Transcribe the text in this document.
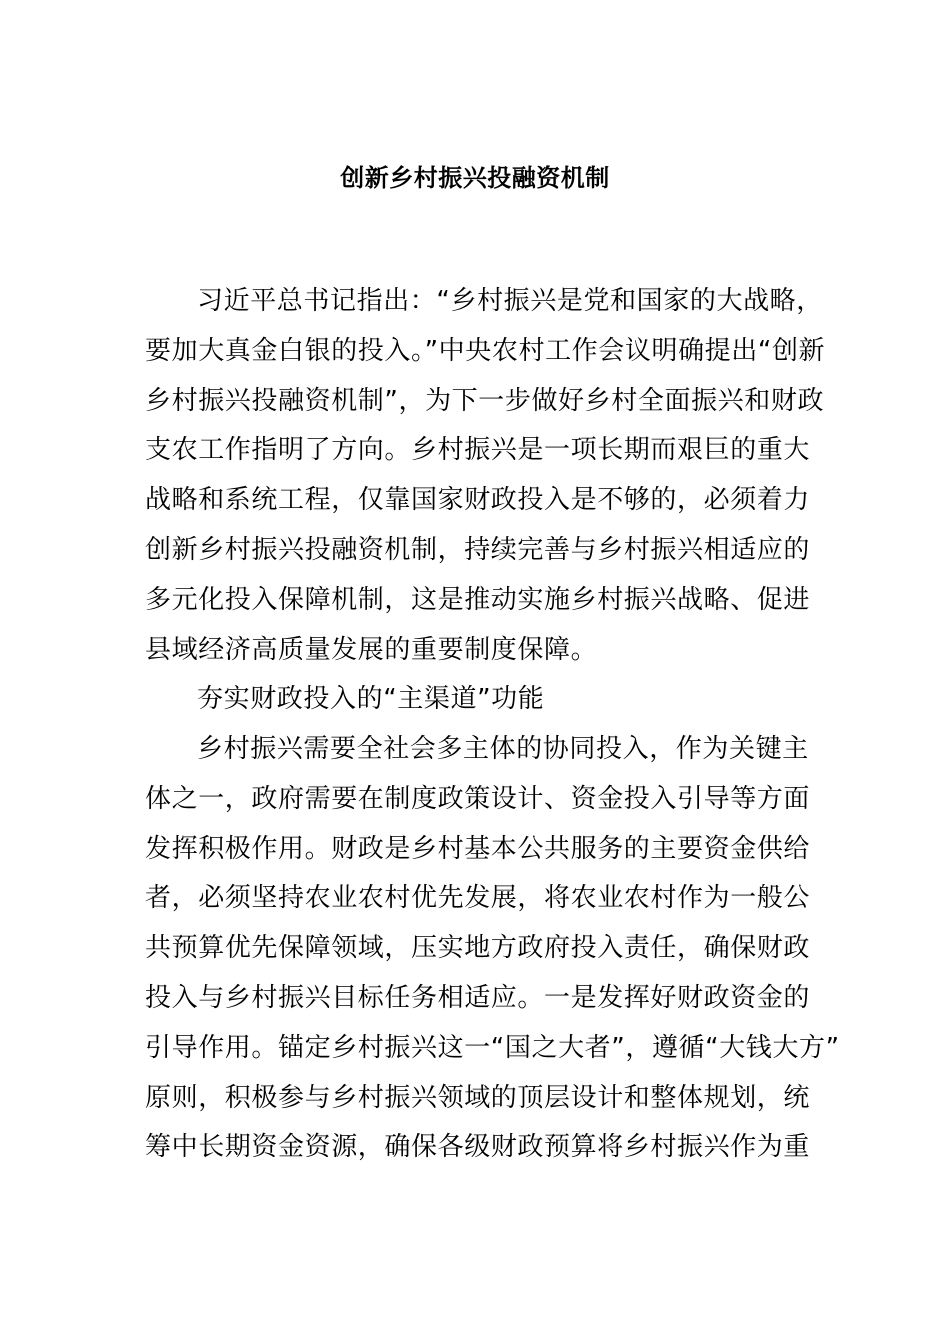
创新乡村振兴投融资机制
习近平总书记指出：“乡村振兴是党和国家的大战略，
要加大真金白银的投入。”中央农村工作会议明确提出“创新
乡村振兴投融资机制”，为下一步做好乡村全面振兴和财政
支农工作指明了方向。乡村振兴是一项长期而艰巨的重大
战略和系统工程，仅靠国家财政投入是不够的，必须着力
创新乡村振兴投融资机制，持续完善与乡村振兴相适应的
多元化投入保障机制，这是推动实施乡村振兴战略、促进
县域经济高质量发展的重要制度保障。
夯实财政投入的“主渠道”功能
乡村振兴需要全社会多主体的协同投入，作为关键主
体之一，政府需要在制度政策设计、资金投入引导等方面
发挥积极作用。财政是乡村基本公共服务的主要资金供给
者，必须坚持农业农村优先发展，将农业农村作为一般公
共预算优先保障领域，压实地方政府投入责任，确保财政
投入与乡村振兴目标任务相适应。一是发挥好财政资金的
引导作用。锚定乡村振兴这一“国之大者”，遵循“大钱大方”
原则，积极参与乡村振兴领域的顶层设计和整体规划，统
筹中长期资金资源，确保各级财政预算将乡村振兴作为重
